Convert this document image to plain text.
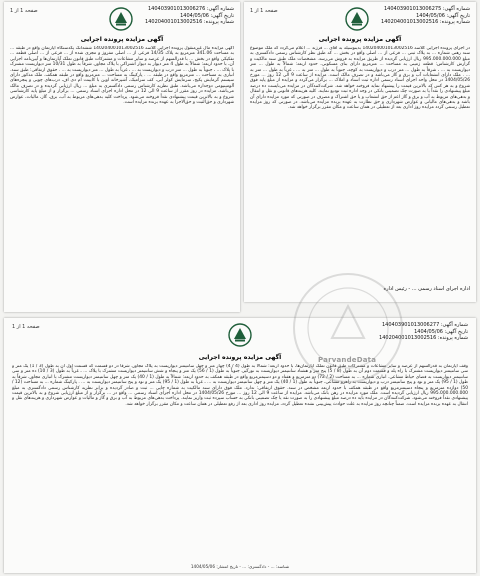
شماره آگهی: 140403901013006275
تاریخ آگهی: 1404/05/06
شماره پرونده: 140204001013002516
صفحه 1 از 1
آگهی مزایده پرونده اجرایی
در اجرای پرونده اجرایی کلاسه 140204001013002516 بدینوسیله به آقای ... فرزند ... اعلام می‌گردد که ملک موضوع سند رهنی شماره ... به پلاک ثبتی ... فرعی از ... اصلی واقع در بخش ... که طبق نظر کارشناس رسمی دادگستری به مبلغ 995.000.000.000 ریال ارزیابی گردیده از طریق مزایده به فروش می‌رسد. مشخصات ملک طبق سند مالکیت و گزارش کارشناس: قطعه زمینی به مساحت ... مترمربع دارای بنای مسکونی، حدود اربعه: شمالاً به طول ... متر دیواریست به ... ، شرقاً به طول ... متر درب و دیواریست به کوچه، جنوباً به طول ... متر به ... ، غرباً به طول ... متر به ... . ملک دارای انشعابات آب و برق و گاز می‌باشد و در تصرف مالک است. مزایده از ساعت 9 الی 12 روز ... مورخ 1404/05/26 در محل واحد اجرای اسناد رسمی اداره ثبت اسناد و املاک ... برگزار می‌گردد و مزایده از مبلغ پایه فوق شروع و به هر کس که بالاترین قیمت را پیشنهاد نماید فروخته خواهد شد. شرکت‌کنندگان در مزایده می‌بایست ده درصد مبلغ پیشنهادی را نقداً یا به صورت چک تضمینی بانکی در وجه اداره ثبت تودیع نمایند. کلیه هزینه‌های قانونی و نقل و انتقال و بدهی‌های مربوط به آب و برق و گاز اعم از حق انشعاب و یا حق اشتراک و مصرف در صورتی که مورد مزایده دارای آن باشد و بدهی‌های مالیاتی و عوارض شهرداری و حق نظارت به عهده برنده مزایده می‌باشد. در صورتی که روز مزایده تعطیل رسمی گردد مزایده روز اداری بعد از تعطیلی در همان ساعت و مکان مقرر برگزار خواهد شد.
اداره اجرای اسناد رسمی ... - رئیس اداره
شماره آگهی: 140403901013006276
تاریخ آگهی: 1404/05/06
شماره پرونده: 140204001013002516
صفحه 1 از 1
آگهی مزایده پرونده اجرایی
آگهی مزایده مال غیرمنقول پرونده اجرایی کلاسه 140204001013002516 ششدانگ یکدستگاه آپارتمان واقع در طبقه ... به مساحت 341.06 مترمربع به پلاک 14/35 فرعی از ... اصلی مفروز و مجزی شده از ... فرعی از ... اصلی قطعه ... تفکیکی واقع در بخش ... با قدرالسهم از عرصه و سایر مشاعات و مشترکات طبق قانون تملک آپارتمان‌ها و آیین‌نامه اجرایی آن، با حدود اربعه: شمالاً به طول 4 متر دیوار به دیوار اشتراکی با پلاک مجاور، شرقاً به طول 10/31 متر دیواریست مشترک با پلاک ... ، جنوباً به طول ... متر درب و دیواریست به ... ، غرباً به طول ... متر دیواریست به ... . حقوق ارتفاقی: طبق سند. انباری به مساحت ... مترمربع واقع در طبقه ... . پارکینگ به مساحت ... مترمربع واقع در طبقه همکف. ملک مذکور دارای سیستم گرمایش پکیج، سرمایش کولر آبی، کف سرامیک، آشپزخانه اوپن با کابینت ام دی اف، درب‌های چوبی و پنجره‌های آلومینیومی دوجداره می‌باشد. طبق نظریه کارشناس رسمی دادگستری به مبلغ ... ریال ارزیابی گردیده و در تصرف مالک می‌باشد. مزایده در روز مقرر از ساعت 9 الی 12 در محل اداره اجرای اسناد رسمی ... برگزار و از مبلغ پایه کارشناسی شروع و به بالاترین قیمت پیشنهادی نقداً فروخته می‌شود. پرداخت کلیه بدهی‌های مربوط به آب، برق، گاز، مالیات، عوارض شهرداری و حق‌الثبت و حق‌الاجرا به عهده برنده مزایده است.
شماره آگهی: 140403901013006277
تاریخ آگهی: 1404/05/06
شماره پرونده: 140204001013002516
صفحه 1 از 1
آگهی مزایده پرونده اجرایی
وقف آپارتمان به قدرالسهم از عرصه و سایر مشاعات و مشترکات طبق قانون تملک آپارتمان‌ها، با حدود اربعه: شمالاً به طول (4 / 4) چهار متر و چهل سانتیمتر دیواریست به پلاک مجاور، شرقاً در دو قسمت که قسمت اول آن به طول (3 / 1) یک متر و سی سانتیمتر دیواریست مشترک با راه پله و قسمت دوم آن به طول (8 / 5) پنج متر و هشتاد سانتیمتر دیواریست به نورگیر، جنوباً به طول (1 / 56) یک متر و پنجاه و شش سانتیمتر دیواریست مشترک با پلاک ... ، غرباً به طول (3 / 10) ده متر و سی سانتیمتر دیواریست به فضای حیاط مشاعی. انباری شماره ... به مساحت (2 / 72) دو مترمربع و هفتاد و دو دسیمترمربع واقع در طبقه همکف به حدود اربعه: شمالاً به طول (1 / 40) یک متر و چهل سانتیمتر دیواریست مشترک با انباری مجاور، شرقاً به طول (1 / 95) یک متر و نود و پنج سانتیمتر درب و دیواریست به راهرو مشاعی، جنوباً به طول (1 / 40) یک متر و چهل سانتیمتر دیواریست به ... ، غرباً به طول (1 / 95) یک متر و نود و پنج سانتیمتر دیواریست به ... . پارکینگ شماره ... به مساحت (12 / 50) دوازده مترمربع و پنجاه دسیمترمربع واقع در طبقه همکف با حدود اربعه مشخص در سند. حقوق ارتفاقی: ندارد. ملک فوق دارای سند مالکیت به شماره چاپی ... ثبت و صادر گردیده و برابر نظریه کارشناس رسمی دادگستری به مبلغ 995.000.000.000 ریال ارزیابی گردیده است. ملک مورد مزایده در رهن بانک می‌باشد. مزایده از ساعت 9 الی 12 روز ... مورخ 1404/05/26 در محل اداره اجرای اسناد رسمی ... واقع در ... برگزار و از مبلغ ارزیابی شروع و به بالاترین قیمت پیشنهادی نقداً فروخته می‌شود. شرکت‌کنندگان در مزایده باید ده درصد مبلغ پیشنهادی را به صورت نقد یا چک تضمینی بانکی به حساب سپرده ثبت واریز نمایند. پرداخت بدهی‌های مربوط به آب و برق و گاز و مالیات و عوارض شهرداری و هزینه‌های نقل و انتقال به عهده برنده مزایده است. ضمناً چنانچه روز مزایده به علت حوادث پیش‌بینی نشده تعطیل گردد، مزایده روز اداری بعد از رفع تعطیلی در همان ساعت و مکان مقرر برگزار خواهد شد.
شناسه: ... - دادگستری: ... - تاریخ انتشار: 1404/05/06
ParvandeData
